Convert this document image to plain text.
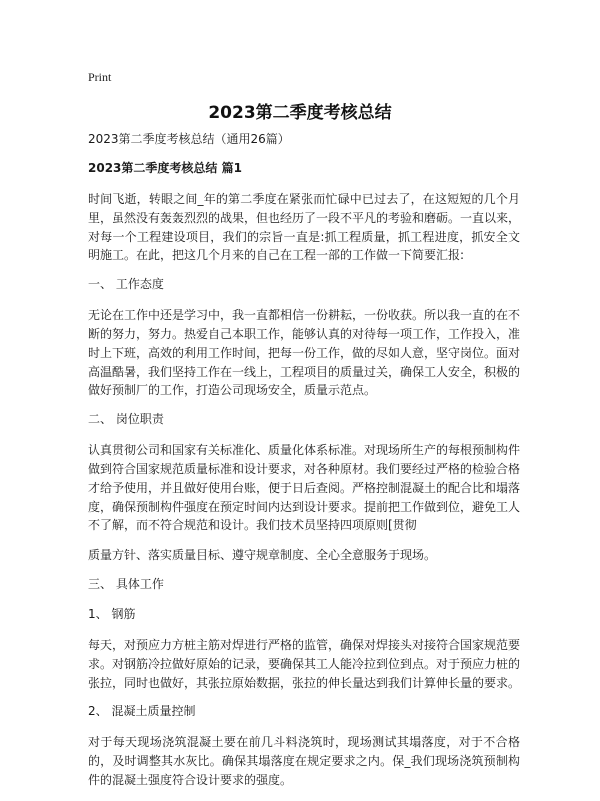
Print
2023第二季度考核总结

2023第二季度考核总结（通用26篇）

2023第二季度考核总结 篇1

时间飞逝，转眼之间_年的第二季度在紧张而忙碌中已过去了，在这短短的几个月里，虽然没有轰轰烈烈的战果，但也经历了一段不平凡的考验和磨砺。一直以来，对每一个工程建设项目，我们的宗旨一直是:抓工程质量，抓工程进度，抓安全文明施工。在此，把这几个月来的自己在工程一部的工作做一下简要汇报:

一、 工作态度

无论在工作中还是学习中，我一直都相信一份耕耘，一份收获。所以我一直的在不断的努力，努力。热爱自己本职工作，能够认真的对待每一项工作，工作投入，准时上下班，高效的利用工作时间，把每一份工作，做的尽如人意，坚守岗位。面对高温酷暑，我们坚持工作在一线上，工程项目的质量过关，确保工人安全，积极的做好预制厂的工作，打造公司现场安全，质量示范点。

二、 岗位职责

认真贯彻公司和国家有关标准化、质量化体系标准。对现场所生产的每根预制构件做到符合国家规范质量标准和设计要求，对各种原材。我们要经过严格的检验合格才给予使用，并且做好使用台账，便于日后查阅。严格控制混凝土的配合比和塌落度，确保预制构件强度在预定时间内达到设计要求。提前把工作做到位，避免工人不了解，而不符合规范和设计。我们技术员坚持四项原则[贯彻

质量方针、落实质量目标、遵守规章制度、全心全意服务于现场。

三、 具体工作

1、 钢筋

每天，对预应力方桩主筋对焊进行严格的监管，确保对焊接头对接符合国家规范要求。对钢筋冷拉做好原始的记录，要确保其工人能冷拉到位到点。对于预应力桩的张拉，同时也做好，其张拉原始数据，张拉的伸长量达到我们计算伸长量的要求。

2、 混凝土质量控制

对于每天现场浇筑混凝土要在前几斗料浇筑时，现场测试其塌落度，对于不合格的，及时调整其水灰比。确保其塌落度在规定要求之内。保_我们现场浇筑预制构件的混凝土强度符合设计要求的强度。
